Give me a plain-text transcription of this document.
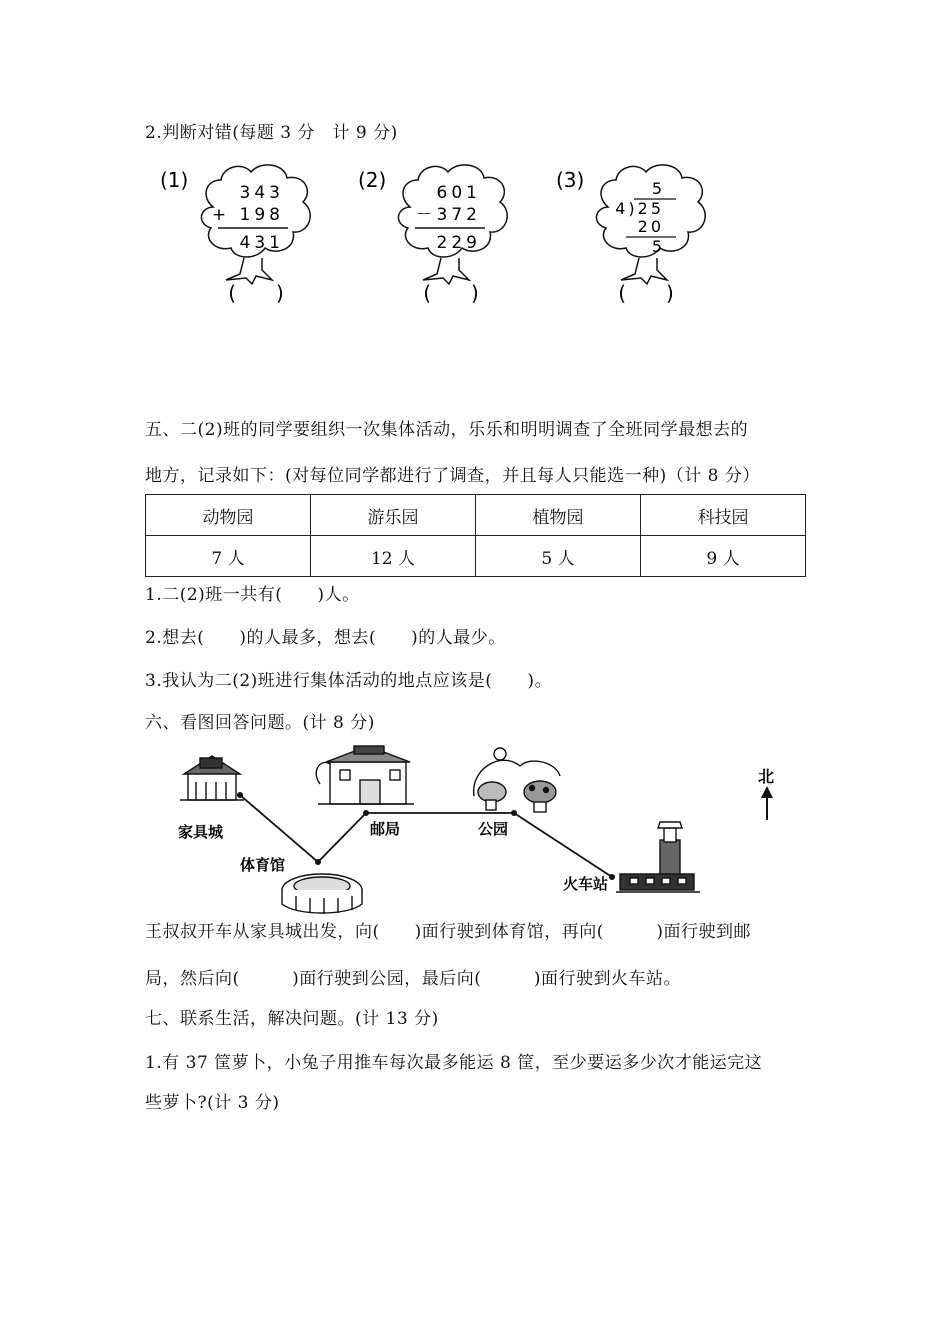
2.判断对错(每题 3 分　计 9 分)
(1)
343
+ 198
431
(　　)
(2)
601
－372
229
(　　)
(3)	5
4)25
20
5
(　　)
五、二(2)班的同学要组织一次集体活动，乐乐和明明调查了全班同学最想去的
地方，记录如下：(对每位同学都进行了调查，并且每人只能选一种)（计 8 分）
动物园	游乐园	植物园	科技园
7 人	12 人	5 人	9 人
1.二(2)班一共有(　　)人。
2.想去(　　)的人最多，想去(　　)的人最少。
3.我认为二(2)班进行集体活动的地点应该是(　　)。
六、看图回答问题。(计 8 分)
北
家具城
体育馆
邮局	公园
火车站
王叔叔开车从家具城出发，向(　　)面行驶到体育馆，再向(　　　)面行驶到邮
局，然后向(　　　)面行驶到公园，最后向(　　　)面行驶到火车站。
七、联系生活，解决问题。(计 13 分)
1.有 37 筐萝卜，小兔子用推车每次最多能运 8 筐，至少要运多少次才能运完这
些萝卜?(计 3 分)
